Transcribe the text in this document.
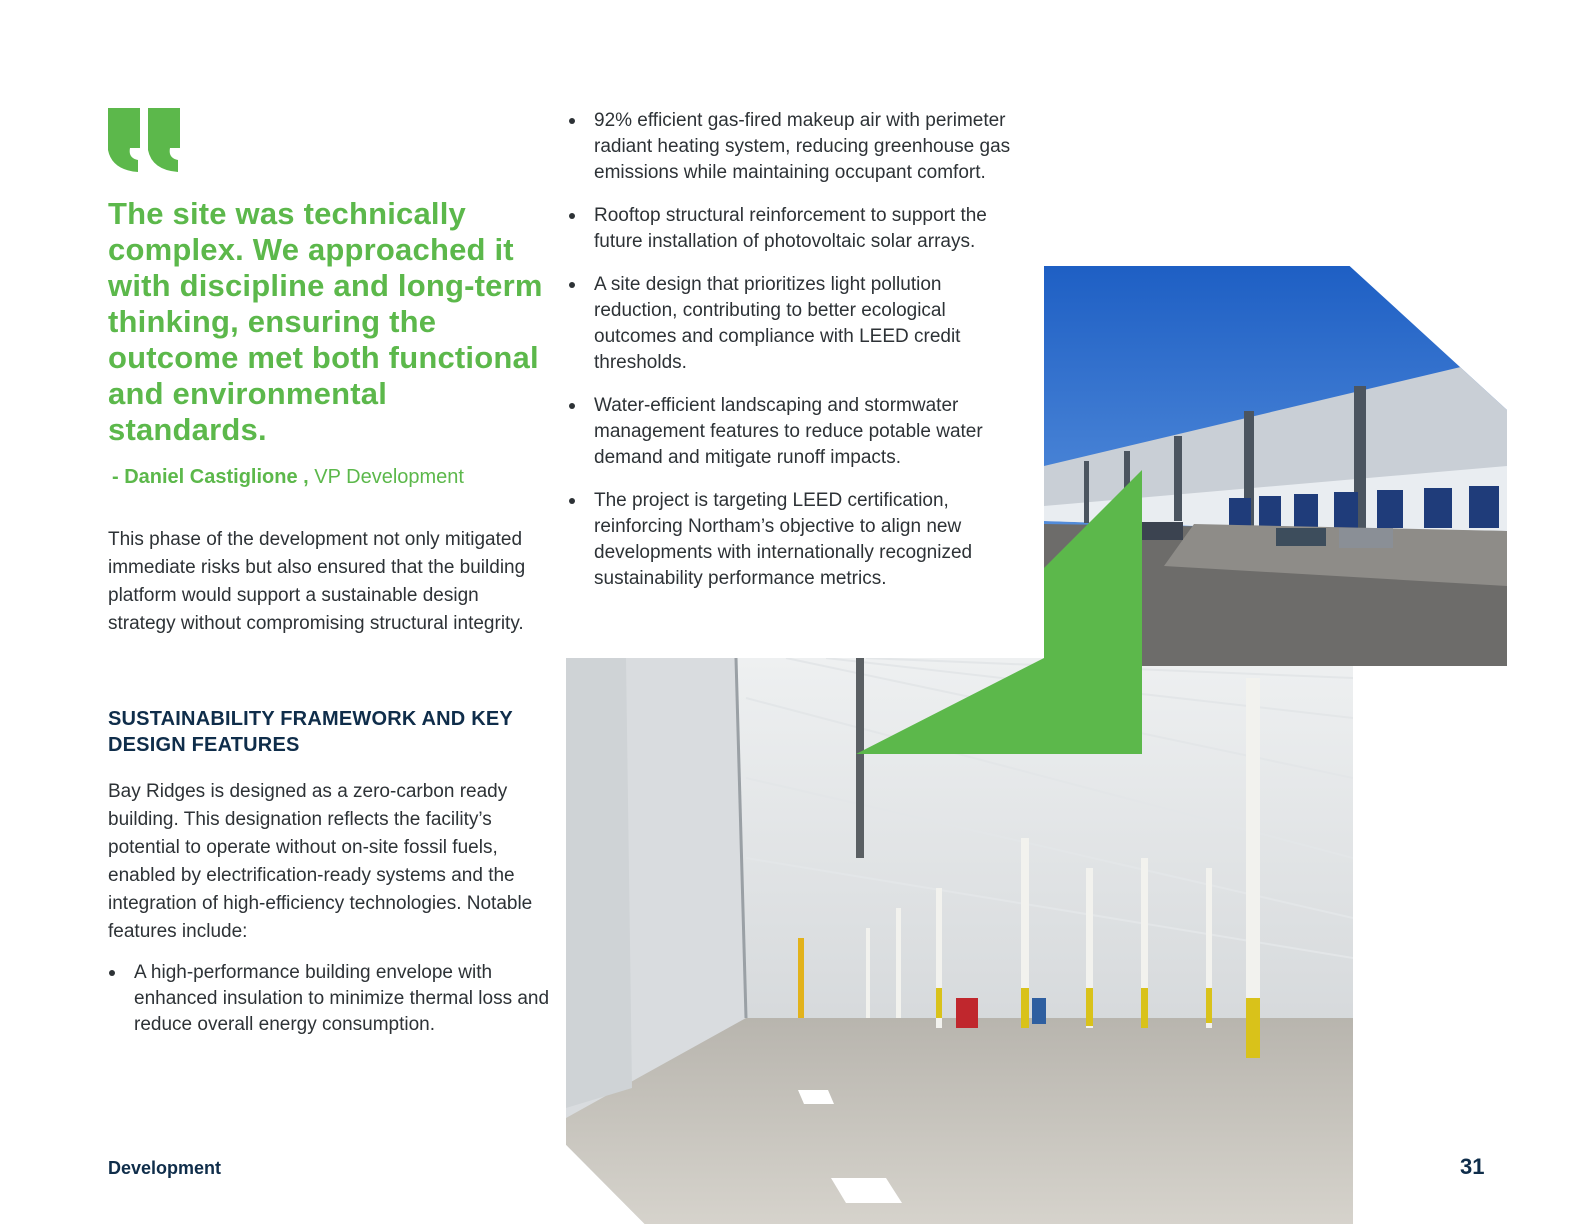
The site was technically complex. We approached it with discipline and long-term thinking, ensuring the outcome met both functional and environmental standards.
- Daniel Castiglione , VP Development
This phase of the development not only mitigated immediate risks but also ensured that the building platform would support a sustainable design strategy without compromising structural integrity.
SUSTAINABILITY FRAMEWORK AND KEY DESIGN FEATURES
Bay Ridges is designed as a zero-carbon ready building. This designation reflects the facility’s potential to operate without on-site fossil fuels, enabled by electrification-ready systems and the integration of high-efficiency technologies. Notable features include:
A high-performance building envelope with enhanced insulation to minimize thermal loss and reduce overall energy consumption.
92% efficient gas-fired makeup air with perimeter radiant heating system, reducing greenhouse gas emissions while maintaining occupant comfort.
Rooftop structural reinforcement to support the future installation of photovoltaic solar arrays.
A site design that prioritizes light pollution reduction, contributing to better ecological outcomes and compliance with LEED credit thresholds.
Water-efficient landscaping and stormwater management features to reduce potable water demand and mitigate runoff impacts.
The project is targeting LEED certification, reinforcing Northam’s objective to align new developments with internationally recognized sustainability performance metrics.
Development	31
